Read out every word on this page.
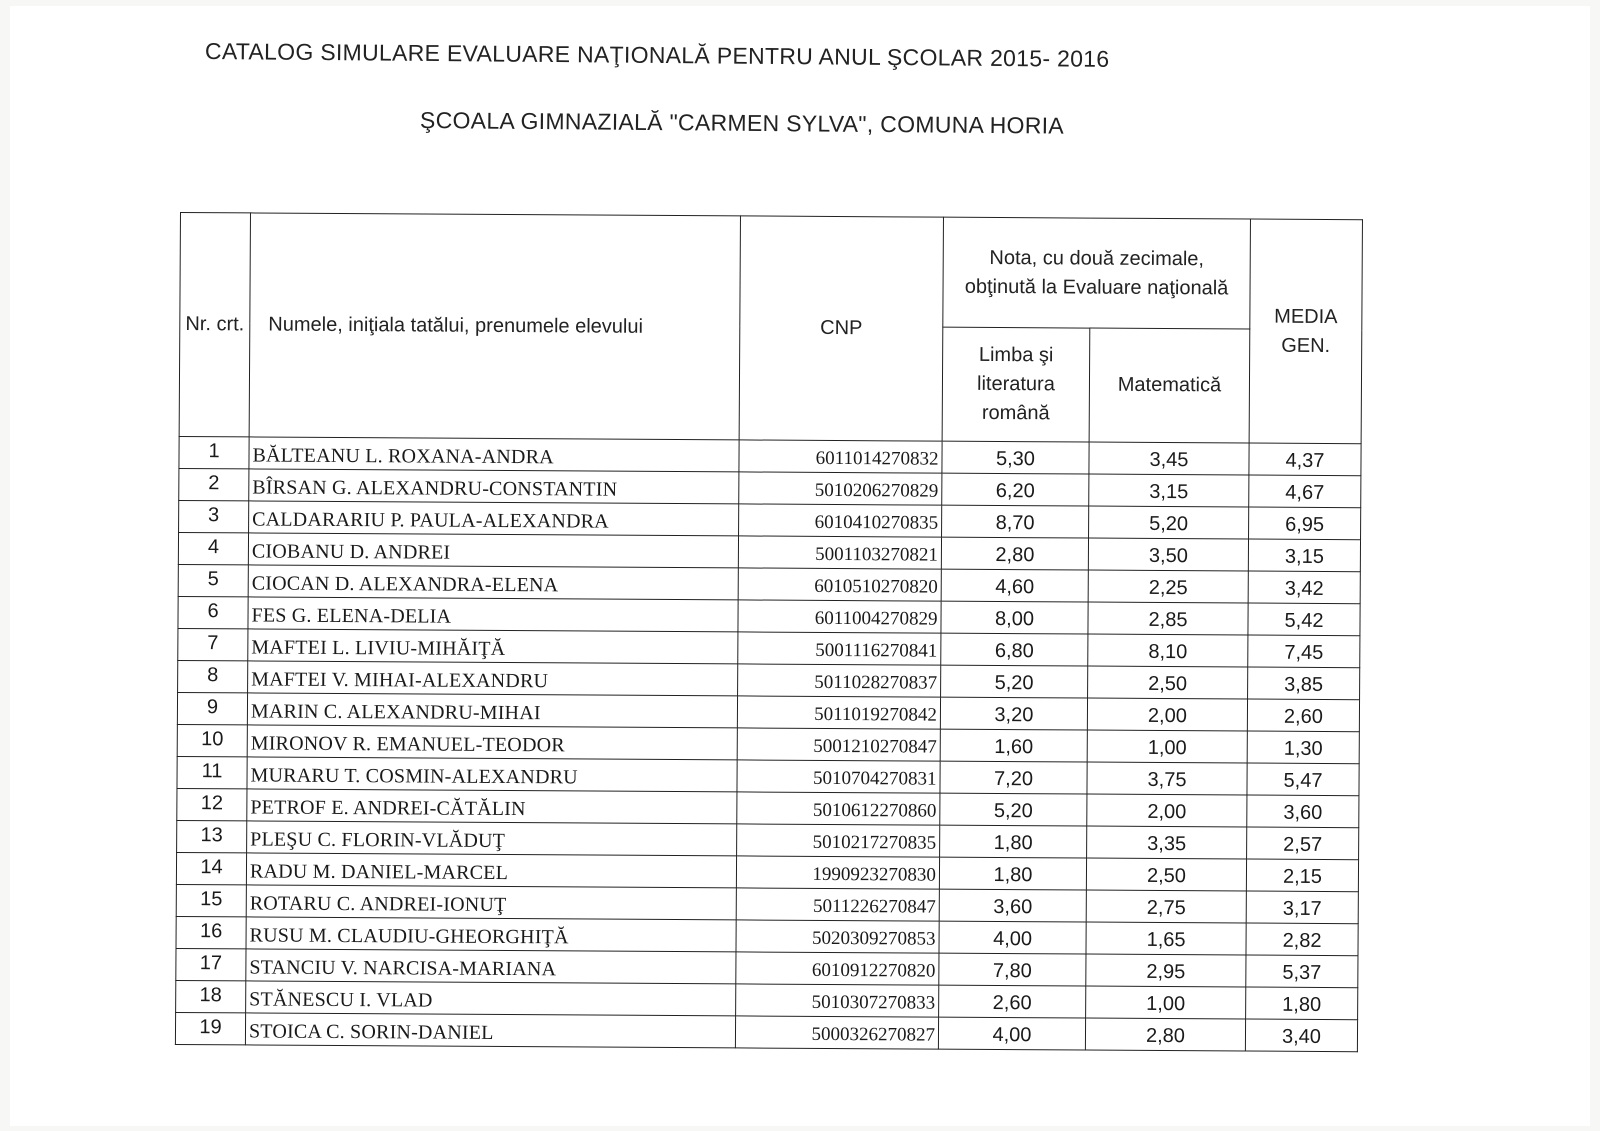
CATALOG SIMULARE EVALUARE NAŢIONALĂ PENTRU ANUL ŞCOLAR 2015- 2016
ŞCOALA GIMNAZIALĂ "CARMEN SYLVA", COMUNA HORIA
Nr. crt.	Numele, iniţiala tatălui, prenumele elevului	CNP	Nota, cu două zecimale, obţinută la Evaluare naţională		MEDIA GEN.
			Limba şi literatura română	Matematică	
1	BĂLTEANU L. ROXANA-ANDRA	6011014270832	5,30	3,45	4,37
2	BÎRSAN G. ALEXANDRU-CONSTANTIN	5010206270829	6,20	3,15	4,67
3	CALDARARIU P. PAULA-ALEXANDRA	6010410270835	8,70	5,20	6,95
4	CIOBANU D. ANDREI	5001103270821	2,80	3,50	3,15
5	CIOCAN D. ALEXANDRA-ELENA	6010510270820	4,60	2,25	3,42
6	FES G. ELENA-DELIA	6011004270829	8,00	2,85	5,42
7	MAFTEI L. LIVIU-MIHĂIŢĂ	5001116270841	6,80	8,10	7,45
8	MAFTEI V. MIHAI-ALEXANDRU	5011028270837	5,20	2,50	3,85
9	MARIN C. ALEXANDRU-MIHAI	5011019270842	3,20	2,00	2,60
10	MIRONOV R. EMANUEL-TEODOR	5001210270847	1,60	1,00	1,30
11	MURARU T. COSMIN-ALEXANDRU	5010704270831	7,20	3,75	5,47
12	PETROF E. ANDREI-CĂTĂLIN	5010612270860	5,20	2,00	3,60
13	PLEŞU C. FLORIN-VLĂDUŢ	5010217270835	1,80	3,35	2,57
14	RADU M. DANIEL-MARCEL	1990923270830	1,80	2,50	2,15
15	ROTARU C. ANDREI-IONUŢ	5011226270847	3,60	2,75	3,17
16	RUSU M. CLAUDIU-GHEORGHIŢĂ	5020309270853	4,00	1,65	2,82
17	STANCIU V. NARCISA-MARIANA	6010912270820	7,80	2,95	5,37
18	STĂNESCU I. VLAD	5010307270833	2,60	1,00	1,80
19	STOICA C. SORIN-DANIEL	5000326270827	4,00	2,80	3,40
